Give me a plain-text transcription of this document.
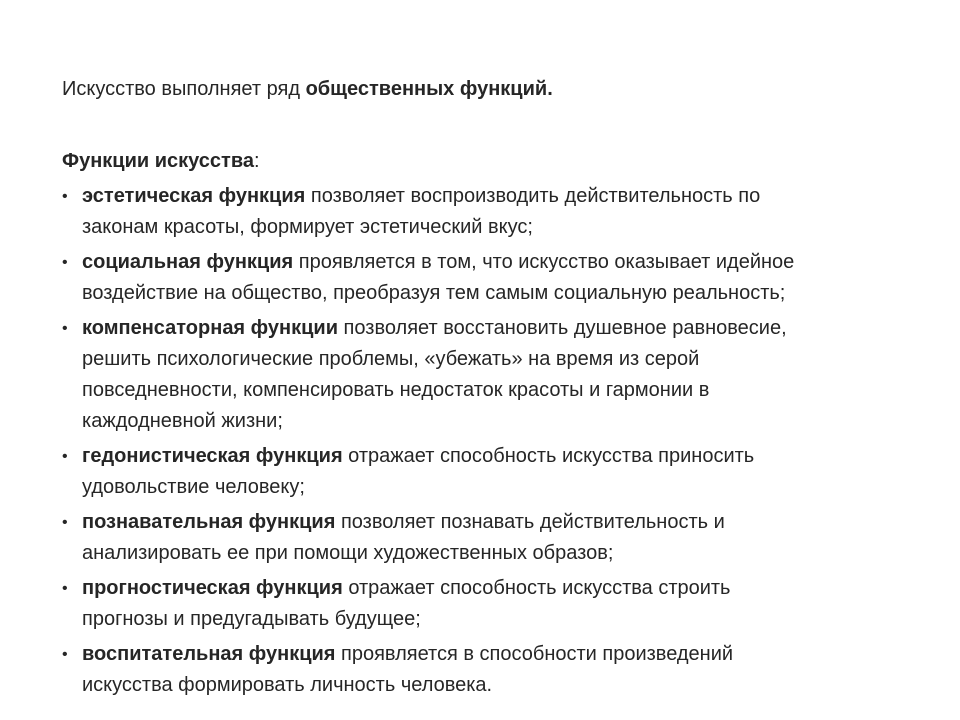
Искусство выполняет ряд общественных функций.
Функции искусства:
• эстетическая функция позволяет воспроизводить действительность по
законам красоты, формирует эстетический вкус;
• социальная функция проявляется в том, что искусство оказывает идейное
воздействие на общество, преобразуя тем самым социальную реальность;
• компенсаторная функции позволяет восстановить душевное равновесие,
решить психологические проблемы, «убежать» на время из серой
повседневности, компенсировать недостаток красоты и гармонии в
каждодневной жизни;
• гедонистическая функция отражает способность искусства приносить
удовольствие человеку;
• познавательная функция позволяет познавать действительность и
анализировать ее при помощи художественных образов;
• прогностическая функция отражает способность искусства строить
прогнозы и предугадывать будущее;
• воспитательная функция проявляется в способности произведений
искусства формировать личность человека.
